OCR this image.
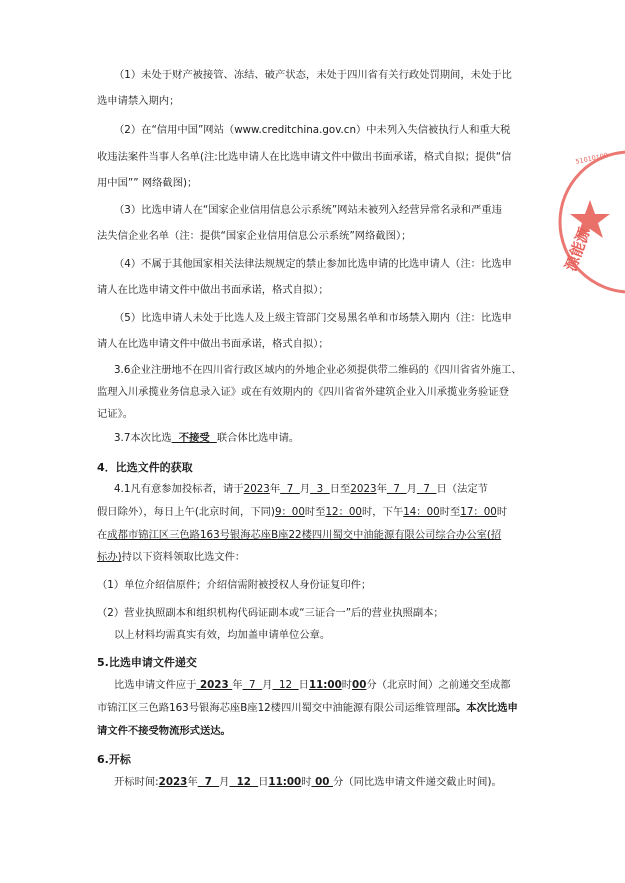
（1）未处于财产被接管、冻结、破产状态，未处于四川省有关行政处罚期间，未处于比
选申请禁入期内；
（2）在“信用中国”网站（www.creditchina.gov.cn）中未列入失信被执行人和重大税
收违法案件当事人名单(注:比选申请人在比选申请文件中做出书面承诺，格式自拟；提供“信
用中国”” 网络截图)；
（3）比选申请人在“国家企业信用信息公示系统”网站未被列入经营异常名录和严重违
法失信企业名单（注：提供“国家企业信用信息公示系统”网络截图）；
（4）不属于其他国家相关法律法规规定的禁止参加比选申请的比选申请人（注：比选申
请人在比选申请文件中做出书面承诺，格式自拟）；
（5）比选申请人未处于比选人及上级主管部门交易黑名单和市场禁入期内（注：比选申
请人在比选申请文件中做出书面承诺，格式自拟）；
3.6企业注册地不在四川省行政区域内的外地企业必须提供带二维码的《四川省省外施工、
监理入川承揽业务信息录入证》或在有效期内的《四川省省外建筑企业入川承揽业务验证登
记证》。
3.7本次比选  不接受  联合体比选申请。
4．比选文件的获取
4.1凡有意参加投标者，请于2023年  7  月  3  日至2023年  7  月  7  日（法定节
假日除外），每日上午(北京时间，下同)9：00时至12：00时，下午14：00时至17：00时
在成都市锦江区三色路163号银海芯座B座22楼四川蜀交中油能源有限公司综合办公室(招
标办)持以下资料领取比选文件：
（1）单位介绍信原件；介绍信需附被授权人身份证复印件；
（2）营业执照副本和组织机构代码证副本或“三证合一”后的营业执照副本；
以上材料均需真实有效，均加盖申请单位公章。
5.比选申请文件递交
比选申请文件应于 2023 年  7  月  12  日11:00时00分（北京时间）之前递交至成都
市锦江区三色路163号银海芯座B座12楼四川蜀交中油能源有限公司运维管理部。本次比选申
请文件不接受物流形式送达。
6.开标
开标时间:2023年  7  月  12  日11:00时 00 分（同比选申请文件递交截止时间)。
51010100
源能源
